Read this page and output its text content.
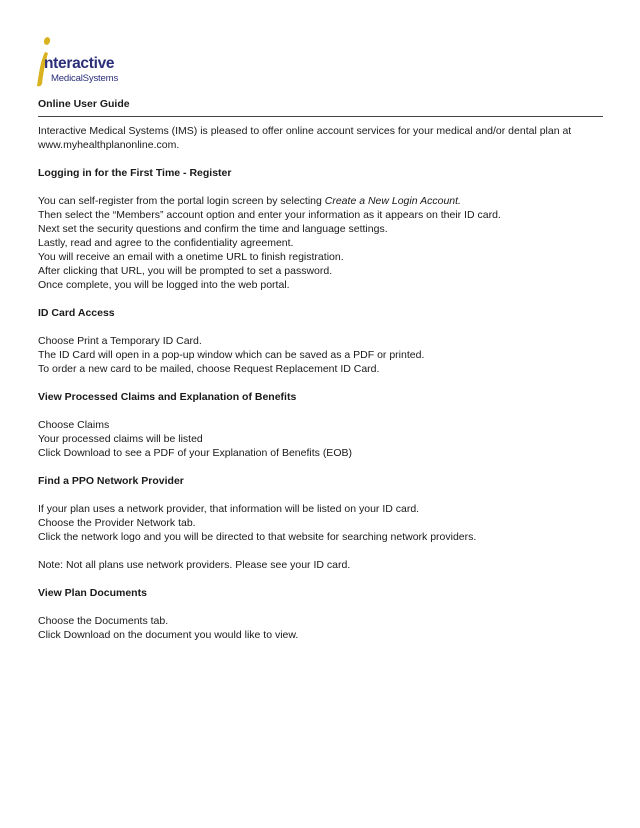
nteractive
MedicalSystems
Online User Guide
Interactive Medical Systems (IMS) is pleased to offer online account services for your medical and/or dental plan at www.myhealthplanonline.com.
Logging in for the First Time - Register
You can self-register from the portal login screen by selecting Create a New Login Account.
Then select the “Members” account option and enter your information as it appears on their ID card.
Next set the security questions and confirm the time and language settings.
Lastly, read and agree to the confidentiality agreement.
You will receive an email with a onetime URL to finish registration.
After clicking that URL, you will be prompted to set a password.
Once complete, you will be logged into the web portal.
ID Card Access
Choose Print a Temporary ID Card.
The ID Card will open in a pop-up window which can be saved as a PDF or printed.
To order a new card to be mailed, choose Request Replacement ID Card.
View Processed Claims and Explanation of Benefits
Choose Claims
Your processed claims will be listed
Click Download to see a PDF of your Explanation of Benefits (EOB)
Find a PPO Network Provider
If your plan uses a network provider, that information will be listed on your ID card.
Choose the Provider Network tab.
Click the network logo and you will be directed to that website for searching network providers.
Note: Not all plans use network providers. Please see your ID card.
View Plan Documents
Choose the Documents tab.
Click Download on the document you would like to view.
